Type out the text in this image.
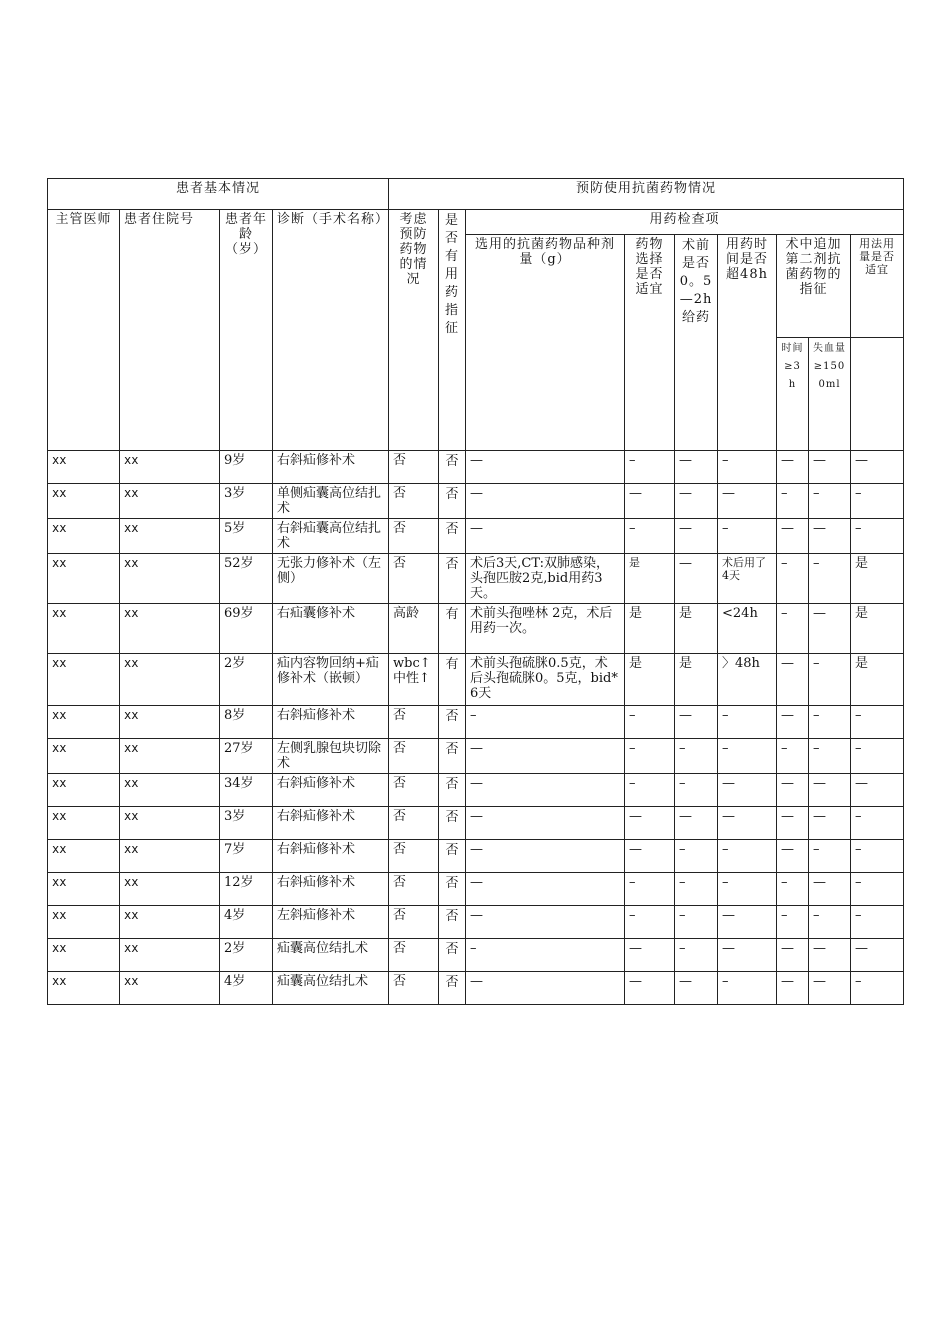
患者基本情况				预防使用抗菌药物情况								
主管医师	患者住院号	患者年龄（岁）	诊断（手术名称）	考虑预防药物的情况	是否有用药指征	用药检查项						
						选用的抗菌药物品种剂量（g）	药物选择是否适宜	术前是否0。5—2h给药	用药时间是否超48h	术中追加第二剂抗菌药物的指征		用法用量是否适宜
										时间≥3h	失血量≥1500ml	
xx	xx	9岁	右斜疝修补术	否	否	—	–	—	–	—	—	—
xx	xx	3岁	单侧疝囊高位结扎术	否	否	—	—	—	—	–	–	–
xx	xx	5岁	右斜疝囊高位结扎术	否	否	—	–	—	–	—	—	–
xx	xx	52岁	无张力修补术（左侧）	否	否	术后3天,CT:双肺感染，头孢匹胺2克,bid用药3天。	是	—	术后用了4天	–	–	是
xx	xx	69岁	右疝囊修补术	高龄	有	术前头孢唑林 2克，术后用药一次。	是	是	<24h	–	—	是
xx	xx	2岁	疝内容物回纳+疝修补术（嵌顿）	wbc↑中性↑	有	术前头孢硫脒0.5克，术后头孢硫脒0。5克，bid*6天	是	是	〉48h	—	–	是
xx	xx	8岁	右斜疝修补术	否	否	–	–	—	–	—	–	–
xx	xx	27岁	左侧乳腺包块切除术	否	否	—	–	–	–	–	–	–
xx	xx	34岁	右斜疝修补术	否	否	—	–	–	—	—	—	—
xx	xx	3岁	右斜疝修补术	否	否	—	—	—	—	—	—	–
xx	xx	7岁	右斜疝修补术	否	否	—	—	–	–	—	–	–
xx	xx	12岁	右斜疝修补术	否	否	—	–	–	–	–	—	–
xx	xx	4岁	左斜疝修补术	否	否	—	–	–	—	–	–	–
xx	xx	2岁	疝囊高位结扎术	否	否	–	—	–	—	—	—	—
xx	xx	4岁	疝囊高位结扎术	否	否	—	—	—	–	—	—	–
